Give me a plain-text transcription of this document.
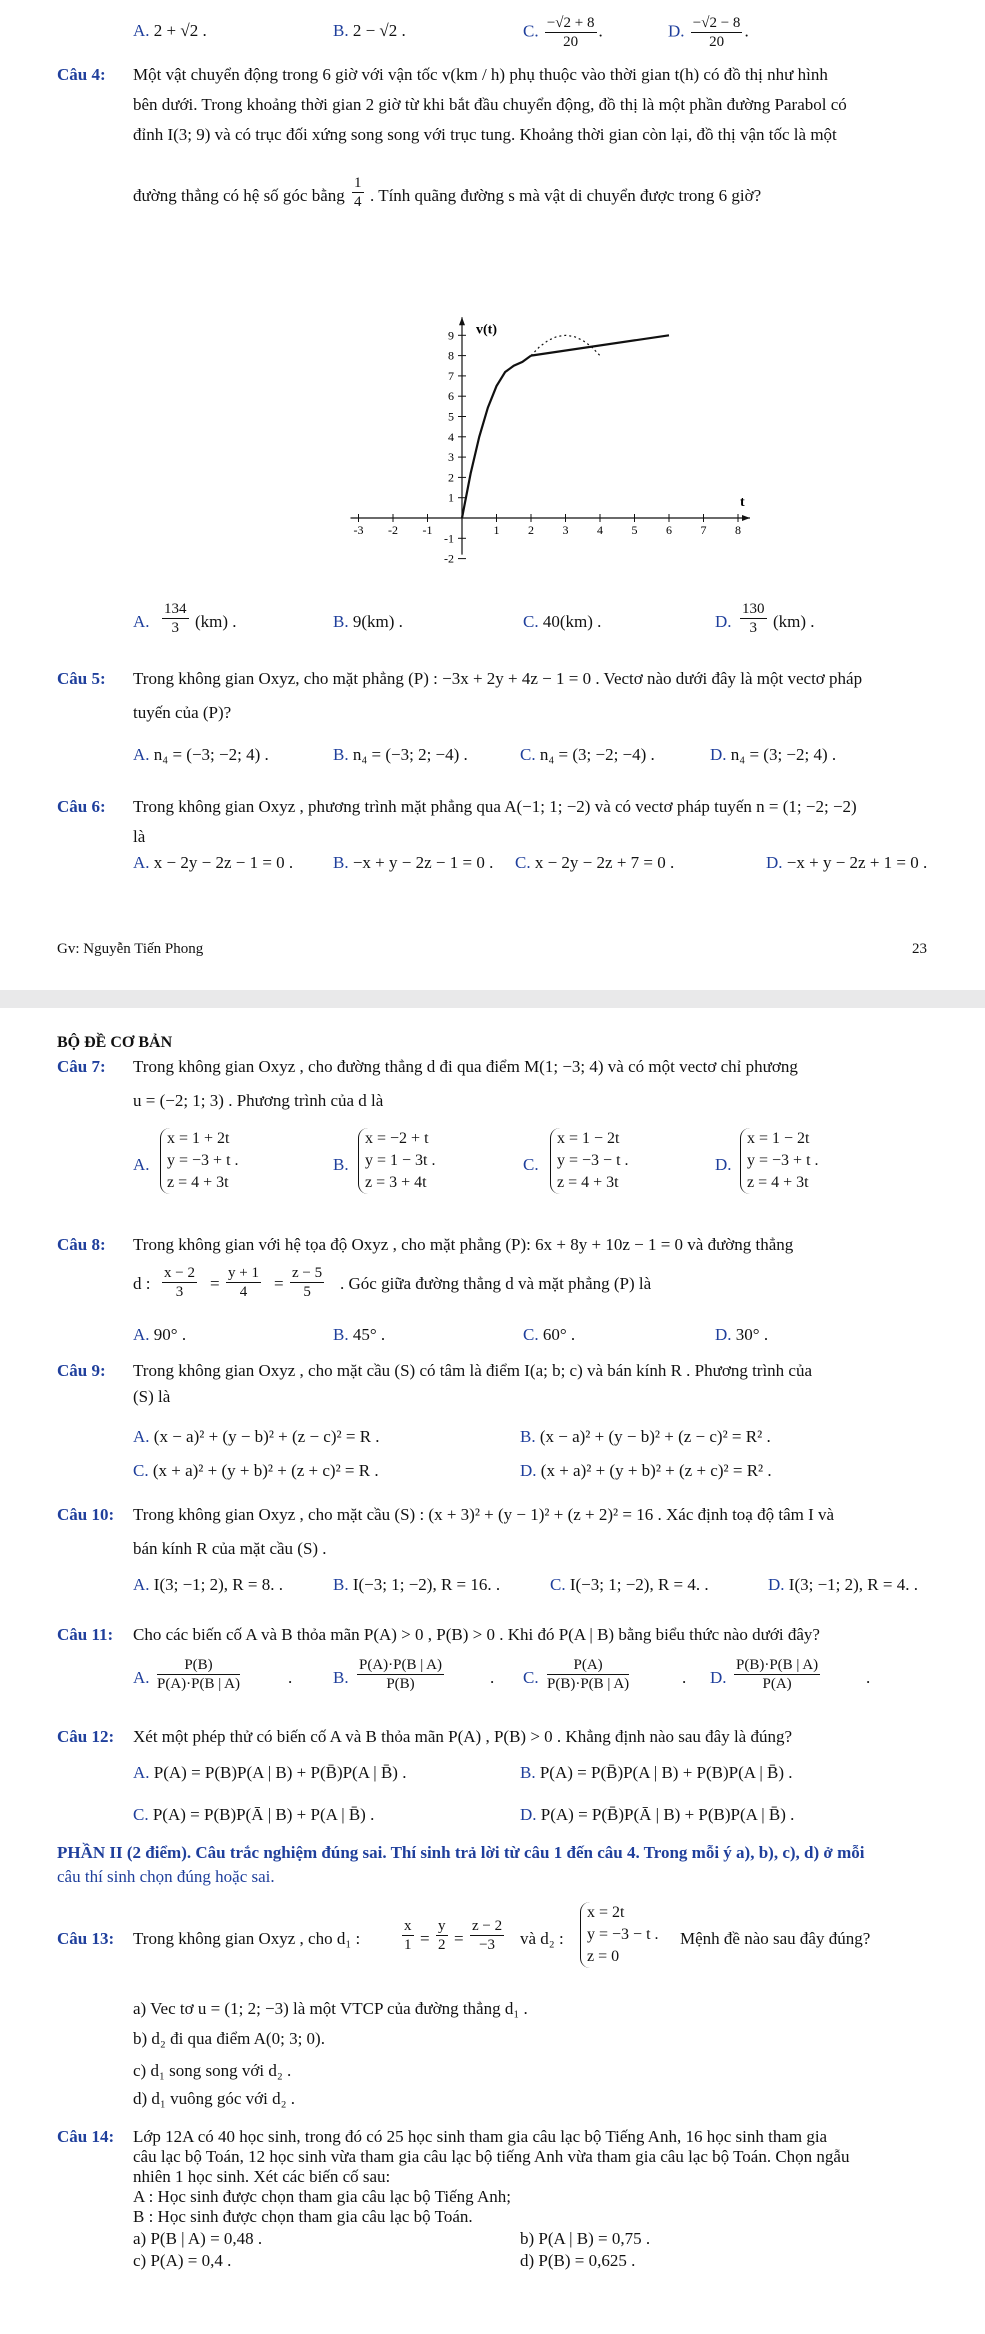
A. 2 + √2 .	B. 2 − √2 .	C. $\frac{-√2 + 8}{20}$ .	D. $\frac{-√2 - 8}{20}$ .
Câu 4: Một vật chuyển động trong 6 giờ với vận tốc v(km / h) phụ thuộc vào thời gian t(h) có đồ thị như hình
bên dưới. Trong khoảng thời gian 2 giờ từ khi bắt đầu chuyển động, đồ thị là một phần đường Parabol có
đỉnh I(3; 9) và có trục đối xứng song song với trục tung. Khoảng thời gian còn lại, đồ thị vận tốc là một
đường thẳng có hệ số góc bằng $\frac{1}{4}$ . Tính quãng đường s mà vật di chuyển được trong 6 giờ?
-3 -2 -1	1 2 3 4 5 6 7 8
-2
-1
1
2
3
4
5
6
7
8
9 v(t)
t
A. $\frac{134}{3} (km)$ .	B. 9(km) .	C. 40(km) .	D. $\frac{130}{3} (km)$ .
Câu 5: Trong không gian Oxyz, cho mặt phẳng (P) : −3x + 2y + 4z − 1 = 0 . Vectơ nào dưới đây là một vectơ pháp
tuyến của (P)?
A. n₄ = (−3; −2; 4) .	B. n₄ = (−3; 2; −4) .	C. n₄ = (3; −2; −4) .	D. n₄ = (3; −2; 4) .
Câu 6: Trong không gian Oxyz , phương trình mặt phẳng qua A(−1; 1; −2) và có vectơ pháp tuyến n = (1; −2; −2)
là
A. x − 2y − 2z − 1 = 0 . B. −x + y − 2z − 1 = 0 . C. x − 2y − 2z + 7 = 0 .	D. −x + y − 2z + 1 = 0 .
Gv: Nguyễn Tiến Phong	23
BỘ ĐỀ CƠ BẢN
Câu 7: Trong không gian Oxyz , cho đường thẳng d đi qua điểm M(1; −3; 4) và có một vectơ chỉ phương
u = (−2; 1; 3) . Phương trình của d là
A.
x = 1 + 2t
y = −3 + t .
z = 4 + 3t
B.
x = −2 + t
y = 1 − 3t .
z = 3 + 4t
C.
x = 1 − 2t
y = −3 − t .
z = 4 + 3t
D.
x = 1 − 2t
y = −3 + t .
z = 4 + 3t
Câu 8: Trong không gian với hệ tọa độ Oxyz , cho mặt phẳng (P): 6x + 8y + 10z − 1 = 0 và đường thẳng
d : $\frac{x - 2}{3} = \frac{y + 1}{4} = \frac{z - 5}{5}$ . Góc giữa đường thẳng d và mặt phẳng (P) là
A. 90° .	B. 45° .	C. 60° .	D. 30° .
Câu 9: Trong không gian Oxyz , cho mặt cầu (S) có tâm là điểm I(a; b; c) và bán kính R . Phương trình của
(S) là
A. (x − a)² + (y − b)² + (z − c)² = R .	B. (x − a)² + (y − b)² + (z − c)² = R² .
C. (x + a)² + (y + b)² + (z + c)² = R .	D. (x + a)² + (y + b)² + (z + c)² = R² .
Câu 10: Trong không gian Oxyz , cho mặt cầu (S) : (x + 3)² + (y − 1)² + (z + 2)² = 16 . Xác định toạ độ tâm I và
bán kính R của mặt cầu (S) .
A. I(3; −1; 2), R = 8. .	B. I(−3; 1; −2), R = 16. .	C. I(−3; 1; −2), R = 4. .	D. I(3; −1; 2), R = 4. .
Câu 11: Cho các biến cố A và B thỏa mãn P(A) > 0 , P(B) > 0 . Khi đó P(A | B) bằng biểu thức nào dưới đây?
A. $\frac{P(B)}{P(A)\cdot P(B | A)}$	. B. $\frac{P(A)\cdot P(B | A)}{P(B)}$	. C. $\frac{P(A)}{P(B)\cdot P(B | A)}$	. D. $\frac{P(B)\cdot P(B | A)}{P(A)}$	.
Câu 12: Xét một phép thử có biến cố A và B thỏa mãn P(A) , P(B) > 0 . Khẳng định nào sau đây là đúng?
A. P(A) = P(B)P(A | B) + P(B̄)P(A | B̄) .	B. P(A) = P(B̄)P(A | B) + P(B)P(A | B̄) .
C. P(A) = P(B)P(Ā | B) + P(A | B̄) .	D. P(A) = P(B̄)P(Ā | B) + P(B)P(A | B̄) .
PHẦN II (2 điểm). Câu trắc nghiệm đúng sai. Thí sinh trả lời từ câu 1 đến câu 4. Trong mỗi ý a), b), c), d) ở mỗi
câu thí sinh chọn đúng hoặc sai.
Câu 13: Trong không gian Oxyz , cho d₁ :	$\frac{x}{1} = \frac{y}{2} = \frac{z - 2}{-3}$ và d₂ :
x = 2t
y = −3 − t .
z = 0
Mệnh đề nào sau đây đúng?
a) Vec tơ u = (1; 2; −3) là một VTCP của đường thẳng d₁ .
b) d₂ đi qua điểm A(0; 3; 0).
c) d₁ song song với d₂ .
d) d₁ vuông góc với d₂ .
Câu 14: Lớp 12A có 40 học sinh, trong đó có 25 học sinh tham gia câu lạc bộ Tiếng Anh, 16 học sinh tham gia
câu lạc bộ Toán, 12 học sinh vừa tham gia câu lạc bộ tiếng Anh vừa tham gia câu lạc bộ Toán. Chọn ngẫu
nhiên 1 học sinh. Xét các biến cố sau:
A : Học sinh được chọn tham gia câu lạc bộ Tiếng Anh;
B : Học sinh được chọn tham gia câu lạc bộ Toán.
a) P(B | A) = 0,48 .	b) P(A | B) = 0,75 .
c) P(A) = 0,4 .	d) P(B) = 0,625 .
